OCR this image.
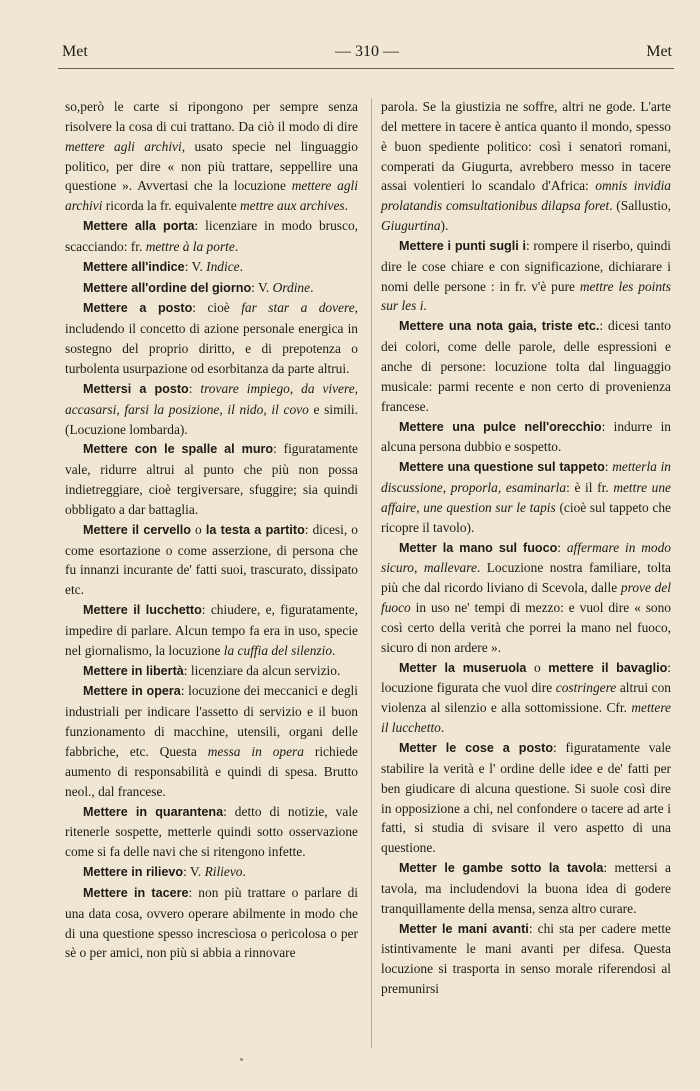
Met	— 310 —	Met

so,però le carte si ripongono per sempre senza risolvere la cosa di cui trattano. Da ciò il modo di dire mettere agli archivi, usato specie nel linguaggio politico, per dire « non più trattare, seppellire una questione ». Avvertasi che la locuzione mettere agli archivi ricorda la fr. equivalente mettre aux archives.

Mettere alla porta: licenziare in modo brusco, scacciando: fr. mettre à la porte.

Mettere all'indice: V. Indice.

Mettere all'ordine del giorno: V. Ordine.

Mettere a posto: cioè far star a dovere, includendo il concetto di azione personale energica in sostegno del proprio diritto, e di prepotenza o turbolenta usurpazione od esorbitanza da parte altrui.

Mettersi a posto: trovare impiego, da vivere, accasarsi, farsi la posizione, il nido, il covo e simili. (Locuzione lombarda).

Mettere con le spalle al muro: figuratamente vale, ridurre altrui al punto che più non possa indietreggiare, cioè tergiversare, sfuggire; sia quindi obbligato a dar battaglia.

Mettere il cervello o la testa a partito: dicesi, o come esortazione o come asserzione, di persona che fu innanzi incurante de' fatti suoi, trascurato, dissipato etc.

Mettere il lucchetto: chiudere, e, figuratamente, impedire di parlare. Alcun tempo fa era in uso, specie nel giornalismo, la locuzione la cuffia del silenzio.

Mettere in libertà: licenziare da alcun servizio.

Mettere in opera: locuzione dei meccanici e degli industriali per indicare l'assetto di servizio e il buon funzionamento di macchine, utensili, organi delle fabbriche, etc. Questa messa in opera richiede aumento di responsabilità e quindi di spesa. Brutto neol., dal francese.

Mettere in quarantena: detto di notizie, vale ritenerle sospette, metterle quindi sotto osservazione come si fa delle navi che si ritengono infette.

Mettere in rilievo: V. Rilievo.

Mettere in tacere: non più trattare o parlare di una data cosa, ovvero operare abilmente in modo che di una questione spesso increscìosa o pericolosa o per sè o per amici, non più si abbia a rinnovare

parola. Se la giustizia ne soffre, altri ne gode. L'arte del mettere in tacere è antica quanto il mondo, spesso è buon spediente politico: così i senatori romani, comperati da Giugurta, avrebbero messo in tacere assai volentieri lo scandalo d'Africa: omnis invidia prolatandis comsultationibus dilapsa foret. (Sallustio, Giugurtina).

Mettere i punti sugli i: rompere il riserbo, quindi dire le cose chiare e con significazione, dichiarare i nomi delle persone : in fr. v'è pure mettre les points sur les i.

Mettere una nota gaia, triste etc.: dicesi tanto dei colori, come delle parole, delle espressioni e anche di persone: locuzione tolta dal linguaggio musicale: parmi recente e non certo di provenienza francese.

Mettere una pulce nell'orecchio: indurre in alcuna persona dubbio e sospetto.

Mettere una questione sul tappeto: metterla in discussione, proporla, esaminarla: è il fr. mettre une affaire, une question sur le tapis (cioè sul tappeto che ricopre il tavolo).

Metter la mano sul fuoco: affermare in modo sicuro, mallevare. Locuzione nostra familiare, tolta più che dal ricordo liviano di Scevola, dalle prove del fuoco in uso ne' tempi di mezzo: e vuol dire « sono così certo della verità che porrei la mano nel fuoco, sicuro di non ardere ».

Metter la museruola o mettere il bavaglio: locuzione figurata che vuol dire costringere altrui con violenza al silenzio e alla sottomissione. Cfr. mettere il lucchetto.

Metter le cose a posto: figuratamente vale stabilire la verità e l' ordine delle idee e de' fatti per ben giudicare di alcuna questione. Si suole così dire in opposizione a chi, nel confondere o tacere ad arte i fatti, si studia di svisare il vero aspetto di una questione.

Metter le gambe sotto la tavola: mettersi a tavola, ma includendovi la buona idea di godere tranquillamente della mensa, senza altro curare.

Metter le mani avanti: chi sta per cadere mette istintivamente le mani avanti per difesa. Questa locuzione si trasporta in senso morale riferendosi al premunirsi
